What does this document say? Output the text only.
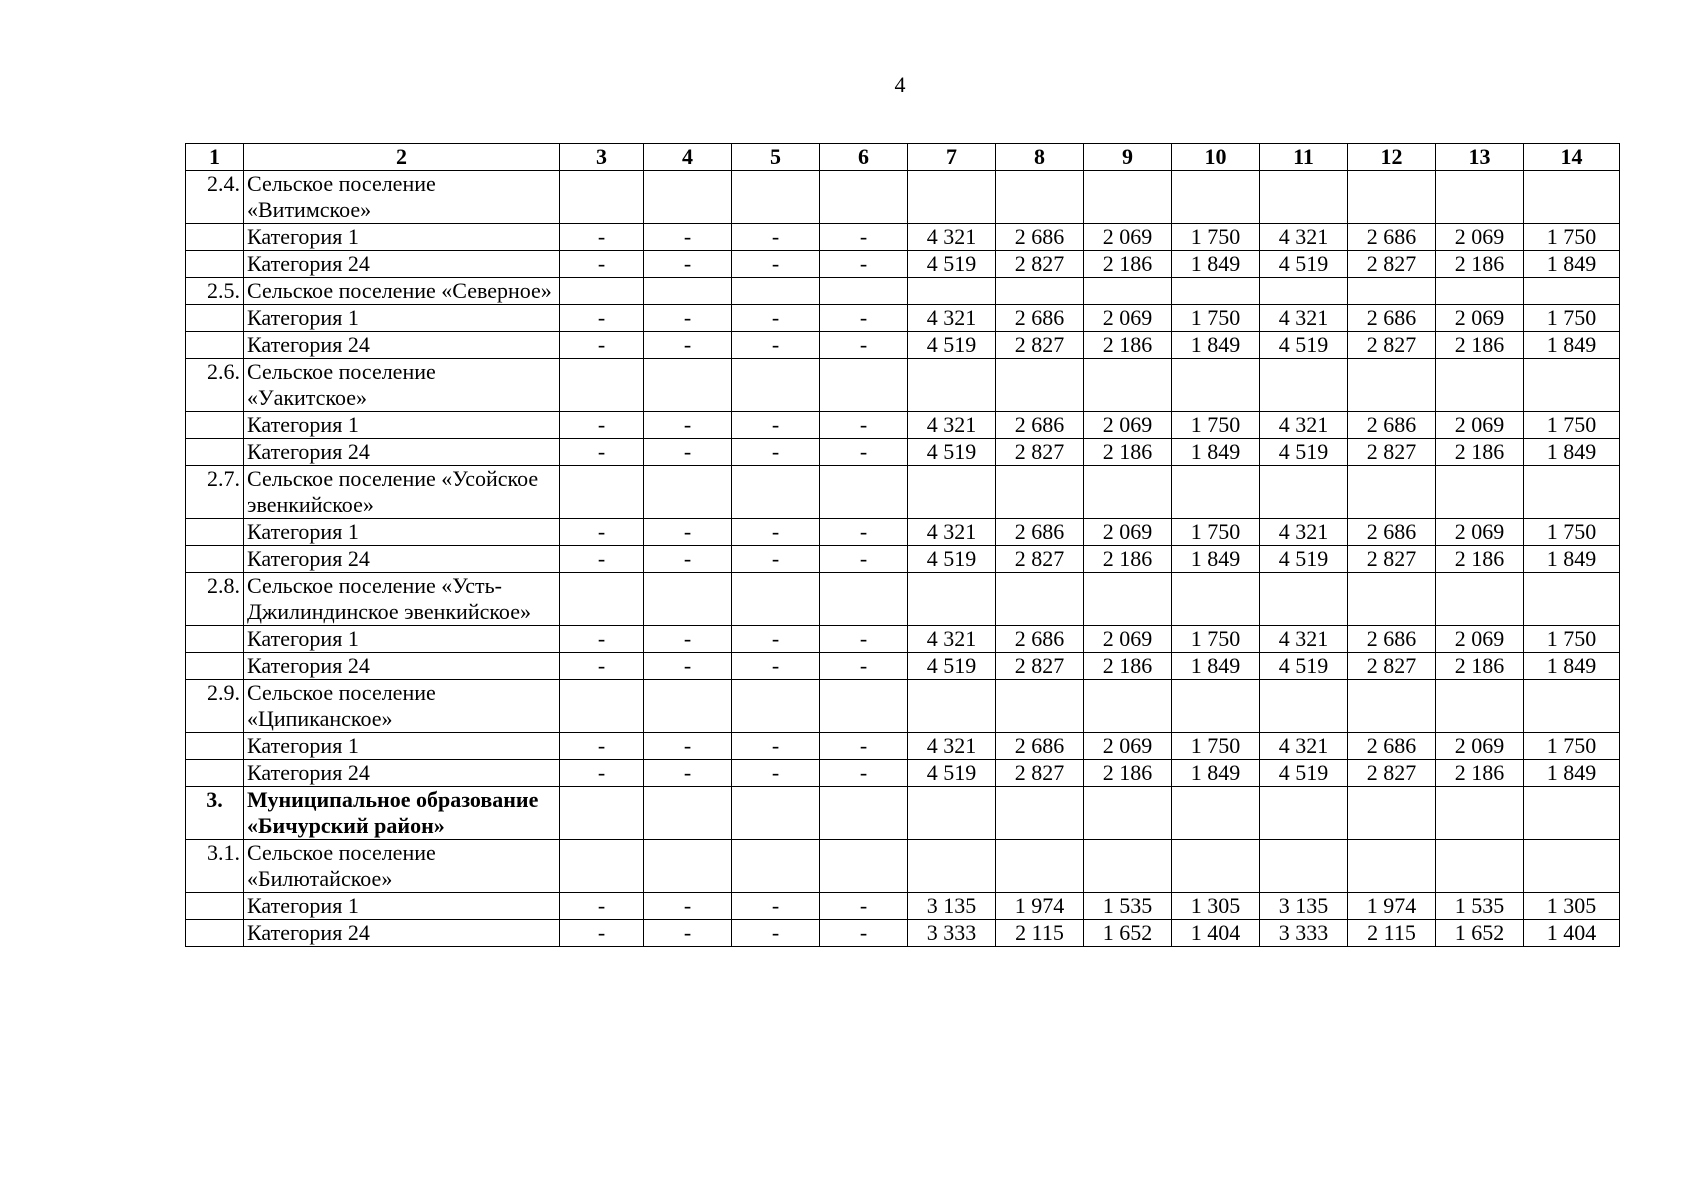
4
1	2	3	4	5	6	7	8	9	10	11	12	13	14
2.4.	Сельское поселение «Витимское»												
	Категория 1	-	-	-	-	4 321	2 686	2 069	1 750	4 321	2 686	2 069	1 750
	Категория 24	-	-	-	-	4 519	2 827	2 186	1 849	4 519	2 827	2 186	1 849
2.5.	Сельское поселение «Северное»												
	Категория 1	-	-	-	-	4 321	2 686	2 069	1 750	4 321	2 686	2 069	1 750
	Категория 24	-	-	-	-	4 519	2 827	2 186	1 849	4 519	2 827	2 186	1 849
2.6.	Сельское поселение «Уакитское»												
	Категория 1	-	-	-	-	4 321	2 686	2 069	1 750	4 321	2 686	2 069	1 750
	Категория 24	-	-	-	-	4 519	2 827	2 186	1 849	4 519	2 827	2 186	1 849
2.7.	Сельское поселение «Усойское эвенкийское»												
	Категория 1	-	-	-	-	4 321	2 686	2 069	1 750	4 321	2 686	2 069	1 750
	Категория 24	-	-	-	-	4 519	2 827	2 186	1 849	4 519	2 827	2 186	1 849
2.8.	Сельское поселение «Усть-Джилиндинское эвенкийское»												
	Категория 1	-	-	-	-	4 321	2 686	2 069	1 750	4 321	2 686	2 069	1 750
	Категория 24	-	-	-	-	4 519	2 827	2 186	1 849	4 519	2 827	2 186	1 849
2.9.	Сельское поселение «Ципиканское»												
	Категория 1	-	-	-	-	4 321	2 686	2 069	1 750	4 321	2 686	2 069	1 750
	Категория 24	-	-	-	-	4 519	2 827	2 186	1 849	4 519	2 827	2 186	1 849
3.	Муниципальное образование «Бичурский район»												
3.1.	Сельское поселение «Билютайское»												
	Категория 1	-	-	-	-	3 135	1 974	1 535	1 305	3 135	1 974	1 535	1 305
	Категория 24	-	-	-	-	3 333	2 115	1 652	1 404	3 333	2 115	1 652	1 404
